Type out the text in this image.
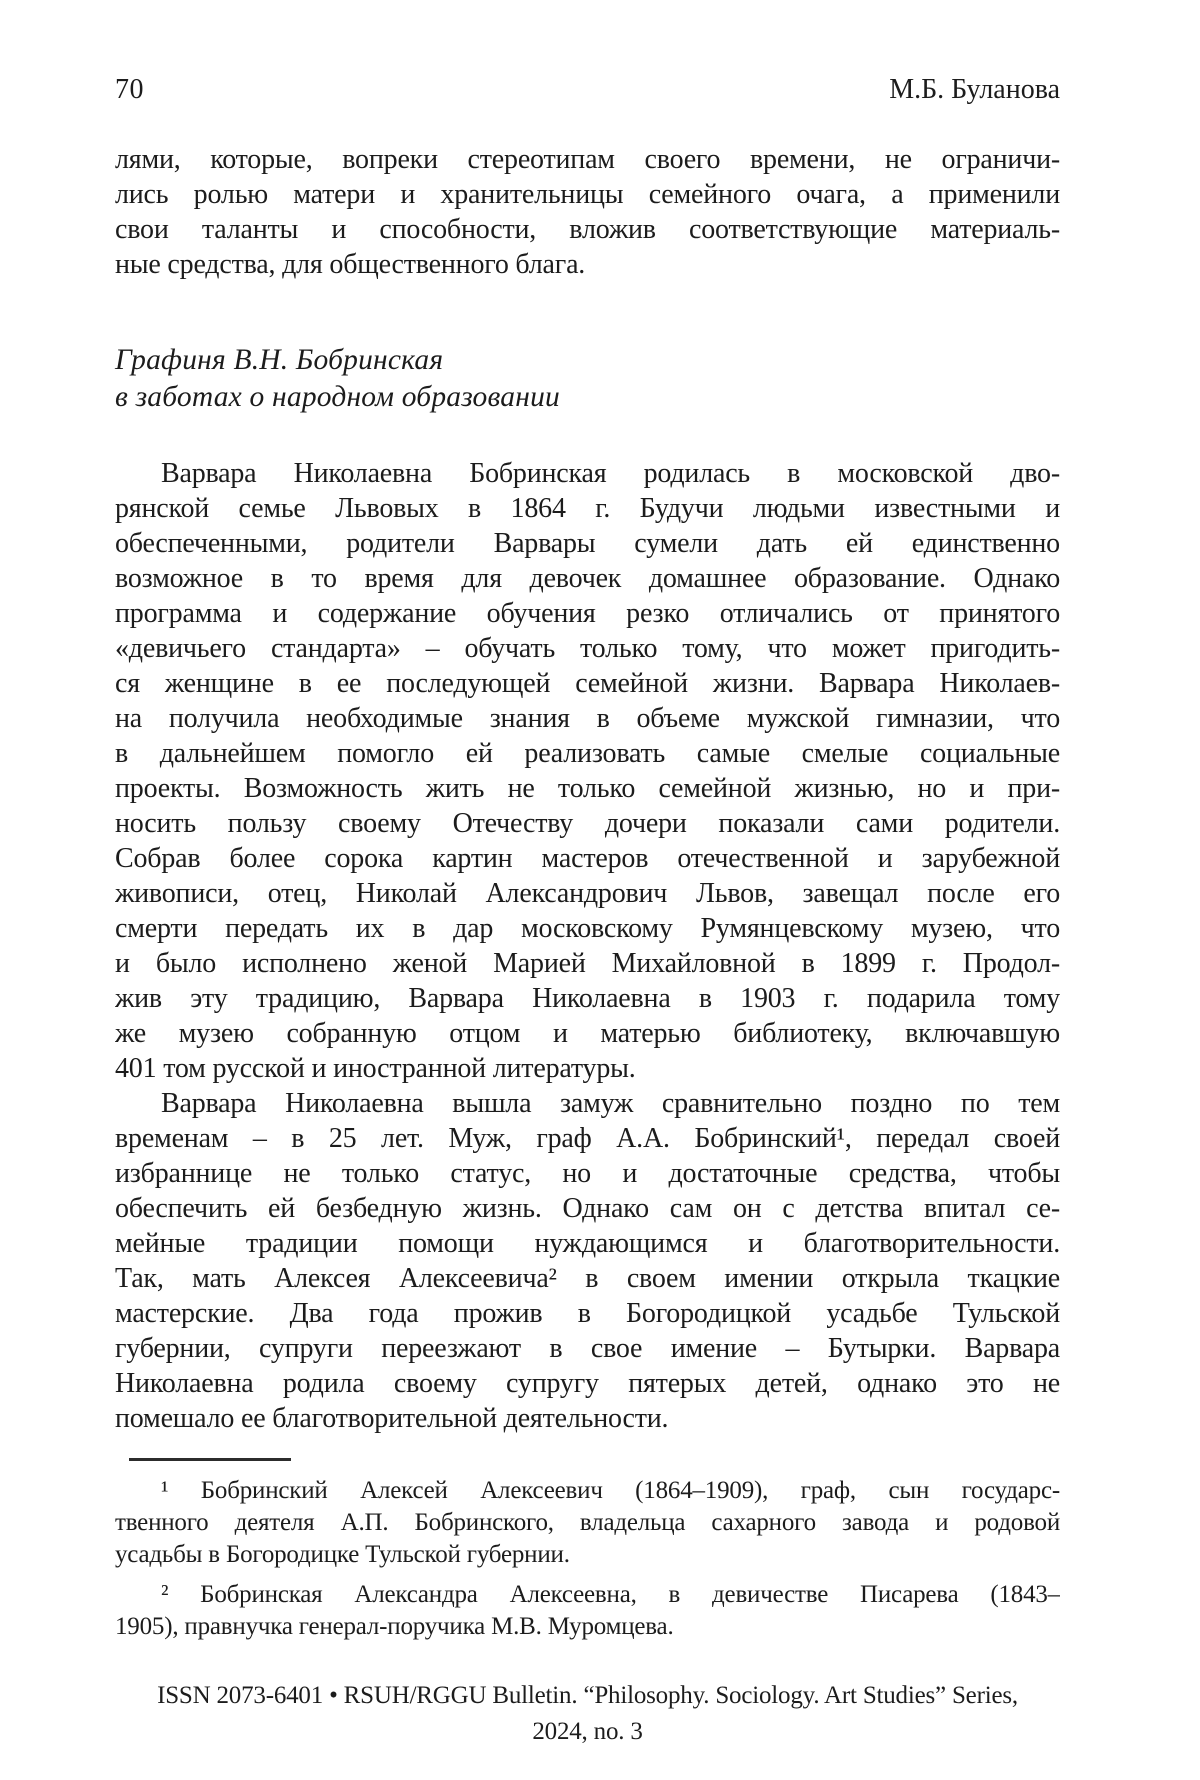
70	М.Б. Буланова
лями, которые, вопреки стереотипам своего времени, не ограничи-
лись ролью матери и хранительницы семейного очага, а применили
свои таланты и способности, вложив соответствующие материаль-
ные средства, для общественного блага.
Графиня В.Н. Бобринская
в заботах о народном образовании
Варвара Николаевна Бобринская родилась в московской дво-
рянской семье Львовых в 1864 г. Будучи людьми известными и
обеспеченными, родители Варвары сумели дать ей единственно
возможное в то время для девочек домашнее образование. Однако
программа и содержание обучения резко отличались от принятого
«девичьего стандарта» – обучать только тому, что может пригодить-
ся женщине в ее последующей семейной жизни. Варвара Николаев-
на получила необходимые знания в объеме мужской гимназии, что
в дальнейшем помогло ей реализовать самые смелые социальные
проекты. Возможность жить не только семейной жизнью, но и при-
носить пользу своему Отечеству дочери показали сами родители.
Собрав более сорока картин мастеров отечественной и зарубежной
живописи, отец, Николай Александрович Львов, завещал после его
смерти передать их в дар московскому Румянцевскому музею, что
и было исполнено женой Марией Михайловной в 1899 г. Продол-
жив эту традицию, Варвара Николаевна в 1903 г. подарила тому
же музею собранную отцом и матерью библиотеку, включавшую
401 том русской и иностранной литературы.
Варвара Николаевна вышла замуж сравнительно поздно по тем
временам – в 25 лет. Муж, граф А.А. Бобринский¹, передал своей
избраннице не только статус, но и достаточные средства, чтобы
обеспечить ей безбедную жизнь. Однако сам он с детства впитал се-
мейные традиции помощи нуждающимся и благотворительности.
Так, мать Алексея Алексеевича² в своем имении открыла ткацкие
мастерские. Два года прожив в Богородицкой усадьбе Тульской
губернии, супруги переезжают в свое имение – Бутырки. Варвара
Николаевна родила своему супругу пятерых детей, однако это не
помешало ее благотворительной деятельности.
¹ Бобринский Алексей Алексеевич (1864–1909), граф, сын государс-
твенного деятеля А.П. Бобринского, владельца сахарного завода и родовой
усадьбы в Богородицке Тульской губернии.
² Бобринская Александра Алексеевна, в девичестве Писарева (1843–
1905), правнучка генерал-поручика М.В. Муромцева.
ISSN 2073-6401 • RSUH/RGGU Bulletin. “Philosophy. Sociology. Art Studies” Series,
2024, no. 3
